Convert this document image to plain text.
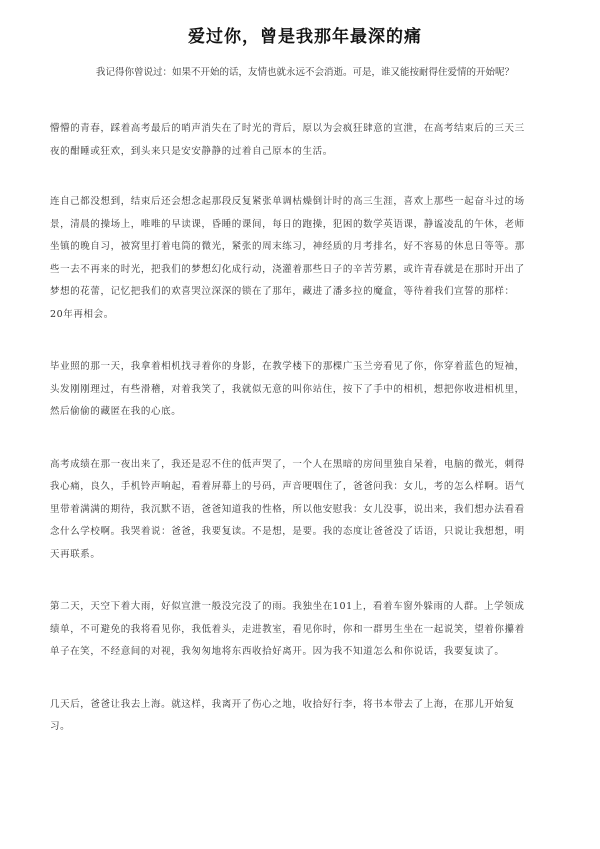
爱过你，曾是我那年最深的痛

我记得你曾说过：如果不开始的话，友情也就永远不会消逝。可是，谁又能按耐得住爱情的开始呢？

懵懵的青春，踩着高考最后的哨声消失在了时光的背后，原以为会疯狂肆意的宣泄，在高考结束后的三天三
夜的酣睡或狂欢，到头来只是安安静静的过着自己原本的生活。

连自己都没想到，结束后还会想念起那段反复紧张单调枯燥倒计时的高三生涯，喜欢上那些一起奋斗过的场
景，清晨的操场上，唯唯的早读课，昏睡的课间，每日的跑操，犯困的数学英语课，静谧凌乱的午休，老师
坐镇的晚自习，被窝里打着电筒的微光，紧张的周末练习，神经质的月考排名，好不容易的休息日等等。那
些一去不再来的时光，把我们的梦想幻化成行动，浇灌着那些日子的辛苦劳累，或许青春就是在那时开出了
梦想的花蕾，记忆把我们的欢喜哭泣深深的锁在了那年，藏进了潘多拉的魔盒，等待着我们宣誓的那样：
20年再相会。

毕业照的那一天，我拿着相机找寻着你的身影，在教学楼下的那棵广玉兰旁看见了你，你穿着蓝色的短袖，
头发刚刚理过，有些滑稽，对着我笑了，我就似无意的叫你站住，按下了手中的相机，想把你收进相机里，
然后偷偷的藏匿在我的心底。

高考成绩在那一夜出来了，我还是忍不住的低声哭了，一个人在黑暗的房间里独自呆着，电脑的微光，刺得
我心痛，良久，手机铃声响起，看着屏幕上的号码，声音哽咽住了，爸爸问我：女儿，考的怎么样啊。语气
里带着满满的期待，我沉默不语，爸爸知道我的性格，所以他安慰我：女儿没事，说出来，我们想办法看看
念什么学校啊。我哭着说：爸爸，我要复读。不是想，是要。我的态度让爸爸没了话语，只说让我想想，明
天再联系。

第二天，天空下着大雨，好似宣泄一般没完没了的雨。我独坐在101上，看着车窗外躲雨的人群。上学领成
绩单，不可避免的我将看见你，我低着头，走进教室，看见你时，你和一群男生坐在一起说笑，望着你攥着
单子在笑，不经意间的对视，我匆匆地将东西收拾好离开。因为我不知道怎么和你说话，我要复读了。

几天后，爸爸让我去上海。就这样，我离开了伤心之地，收拾好行李，将书本带去了上海，在那儿开始复
习。
